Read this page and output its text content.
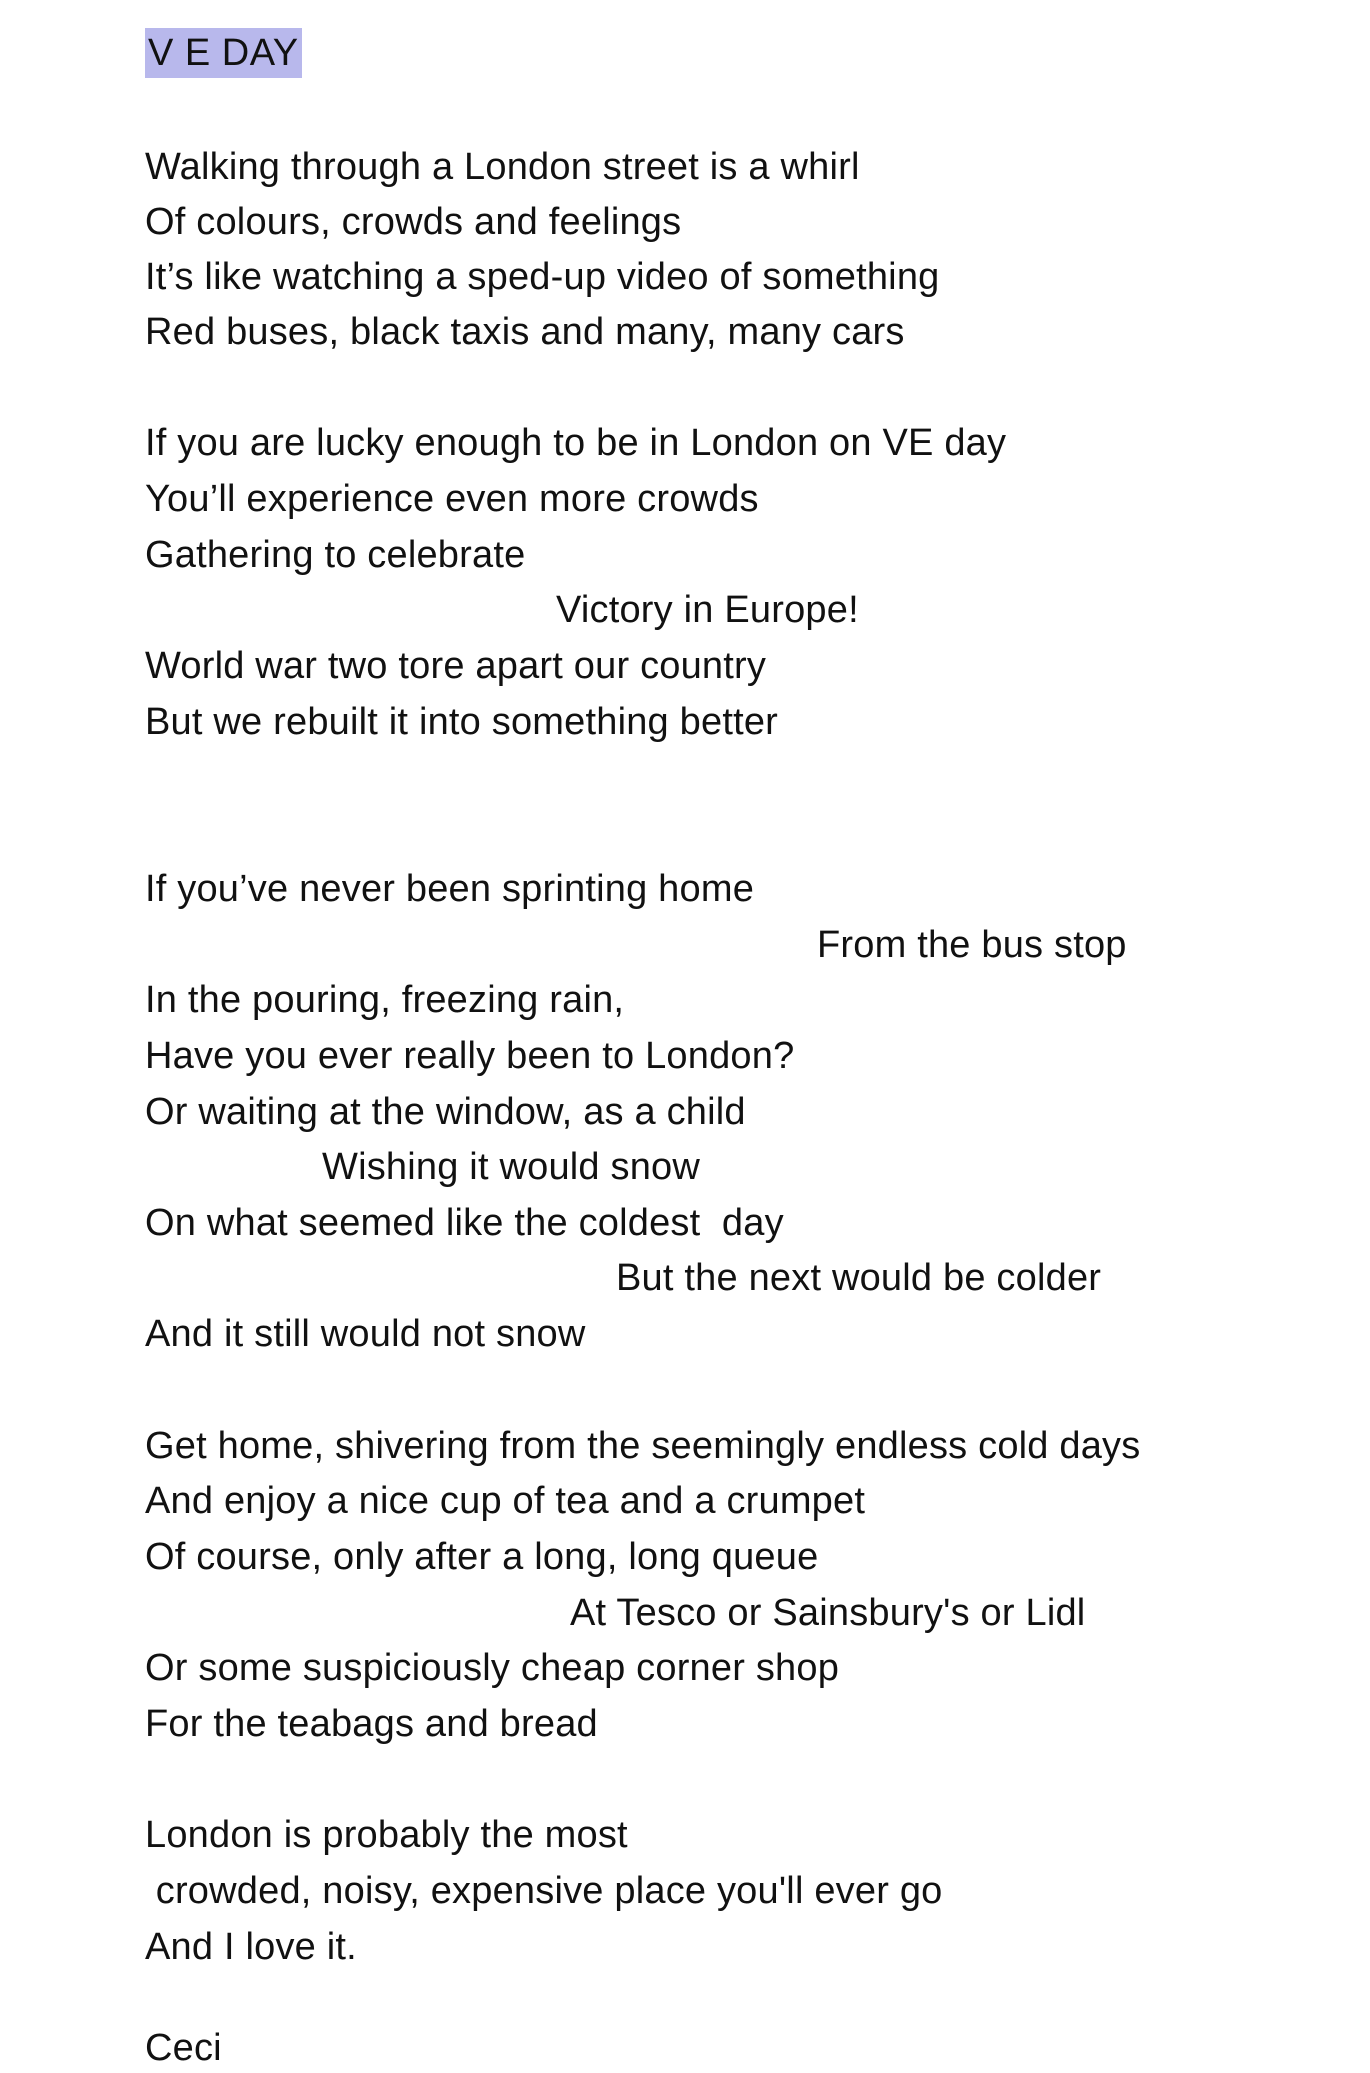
V E DAY
Walking through a London street is a whirl
Of colours, crowds and feelings
It’s like watching a sped-up video of something
Red buses, black taxis and many, many cars
If you are lucky enough to be in London on VE day
You’ll experience even more crowds
Gathering to celebrate
Victory in Europe!
World war two tore apart our country
But we rebuilt it into something better
If you’ve never been sprinting home
From the bus stop
In the pouring, freezing rain,
Have you ever really been to London?
Or waiting at the window, as a child
Wishing it would snow
On what seemed like the coldest  day
But the next would be colder
And it still would not snow
Get home, shivering from the seemingly endless cold days
And enjoy a nice cup of tea and a crumpet
Of course, only after a long, long queue
At Tesco or Sainsbury's or Lidl
Or some suspiciously cheap corner shop
For the teabags and bread
London is probably the most
crowded, noisy, expensive place you'll ever go
And I love it.
Ceci
